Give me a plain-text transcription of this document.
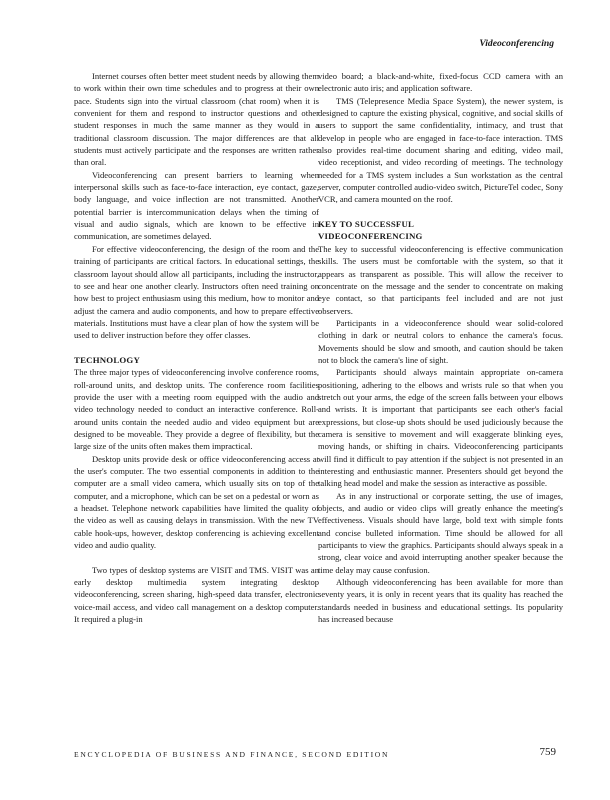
Videoconferencing

Internet courses often better meet student needs by allowing them to work within their own time schedules and to progress at their own pace. Students sign into the virtual classroom (chat room) when it is convenient for them and respond to instructor questions and other student responses in much the same manner as they would in a traditional classroom discussion. The major differences are that all students must actively participate and the responses are written rather than oral.

Videoconferencing can present barriers to learning when interpersonal skills such as face-to-face interaction, eye contact, gaze, body language, and voice inflection are not transmitted. Another potential barrier is intercommunication delays when the timing of visual and audio signals, which are known to be effective in communication, are sometimes delayed.

For effective videoconferencing, the design of the room and the training of participants are critical factors. In educational settings, the classroom layout should allow all participants, including the instructor, to see and hear one another clearly. Instructors often need training on how best to project enthusiasm using this medium, how to monitor and adjust the camera and audio components, and how to prepare effective materials. Institutions must have a clear plan of how the system will be used to deliver instruction before they offer classes.

TECHNOLOGY

The three major types of videoconferencing involve conference rooms, roll-around units, and desktop units. The conference room facilities provide the user with a meeting room equipped with the audio and video technology needed to conduct an interactive conference. Roll-around units contain the needed audio and video equipment but are designed to be moveable. They provide a degree of flexibility, but the large size of the units often makes them impractical.

Desktop units provide desk or office videoconferencing access at the user's computer. The two essential components in addition to the computer are a small video camera, which usually sits on top of the computer, and a microphone, which can be set on a pedestal or worn as a headset. Telephone network capabilities have limited the quality of the video as well as causing delays in transmission. With the new TV cable hook-ups, however, desktop conferencing is achieving excellent video and audio quality.

Two types of desktop systems are VISIT and TMS. VISIT was an early desktop multimedia system integrating desktop videoconferencing, screen sharing, high-speed data transfer, electronic voice-mail access, and video call management on a desktop computer. It required a plug-in

video board; a black-and-white, fixed-focus CCD camera with an electronic auto iris; and application software.

TMS (Telepresence Media Space System), the newer system, is designed to capture the existing physical, cognitive, and social skills of users to support the same confidentiality, intimacy, and trust that develop in people who are engaged in face-to-face interaction. TMS also provides real-time document sharing and editing, video mail, video receptionist, and video recording of meetings. The technology needed for a TMS system includes a Sun workstation as the central server, computer controlled audio-video switch, PictureTel codec, Sony VCR, and camera mounted on the roof.

KEY TO SUCCESSFUL
VIDEOCONFERENCING

The key to successful videoconferencing is effective communication skills. The users must be comfortable with the system, so that it appears as transparent as possible. This will allow the receiver to concentrate on the message and the sender to concentrate on making eye contact, so that participants feel included and are not just observers.

Participants in a videoconference should wear solid-colored clothing in dark or neutral colors to enhance the camera's focus. Movements should be slow and smooth, and caution should be taken not to block the camera's line of sight.

Participants should always maintain appropriate on-camera positioning, adhering to the elbows and wrists rule so that when you stretch out your arms, the edge of the screen falls between your elbows and wrists. It is important that participants see each other's facial expressions, but close-up shots should be used judiciously because the camera is sensitive to movement and will exaggerate blinking eyes, moving hands, or shifting in chairs. Videoconferencing participants will find it difficult to pay attention if the subject is not presented in an interesting and enthusiastic manner. Presenters should get beyond the talking head model and make the session as interactive as possible.

As in any instructional or corporate setting, the use of images, objects, and audio or video clips will greatly enhance the meeting's effectiveness. Visuals should have large, bold text with simple fonts and concise bulleted information. Time should be allowed for all participants to view the graphics. Participants should always speak in a strong, clear voice and avoid interrupting another speaker because the time delay may cause confusion.

Although videoconferencing has been available for more than seventy years, it is only in recent years that its quality has reached the standards needed in business and educational settings. Its popularity has increased because

ENCYCLOPEDIA OF BUSINESS AND FINANCE, SECOND EDITION	759
